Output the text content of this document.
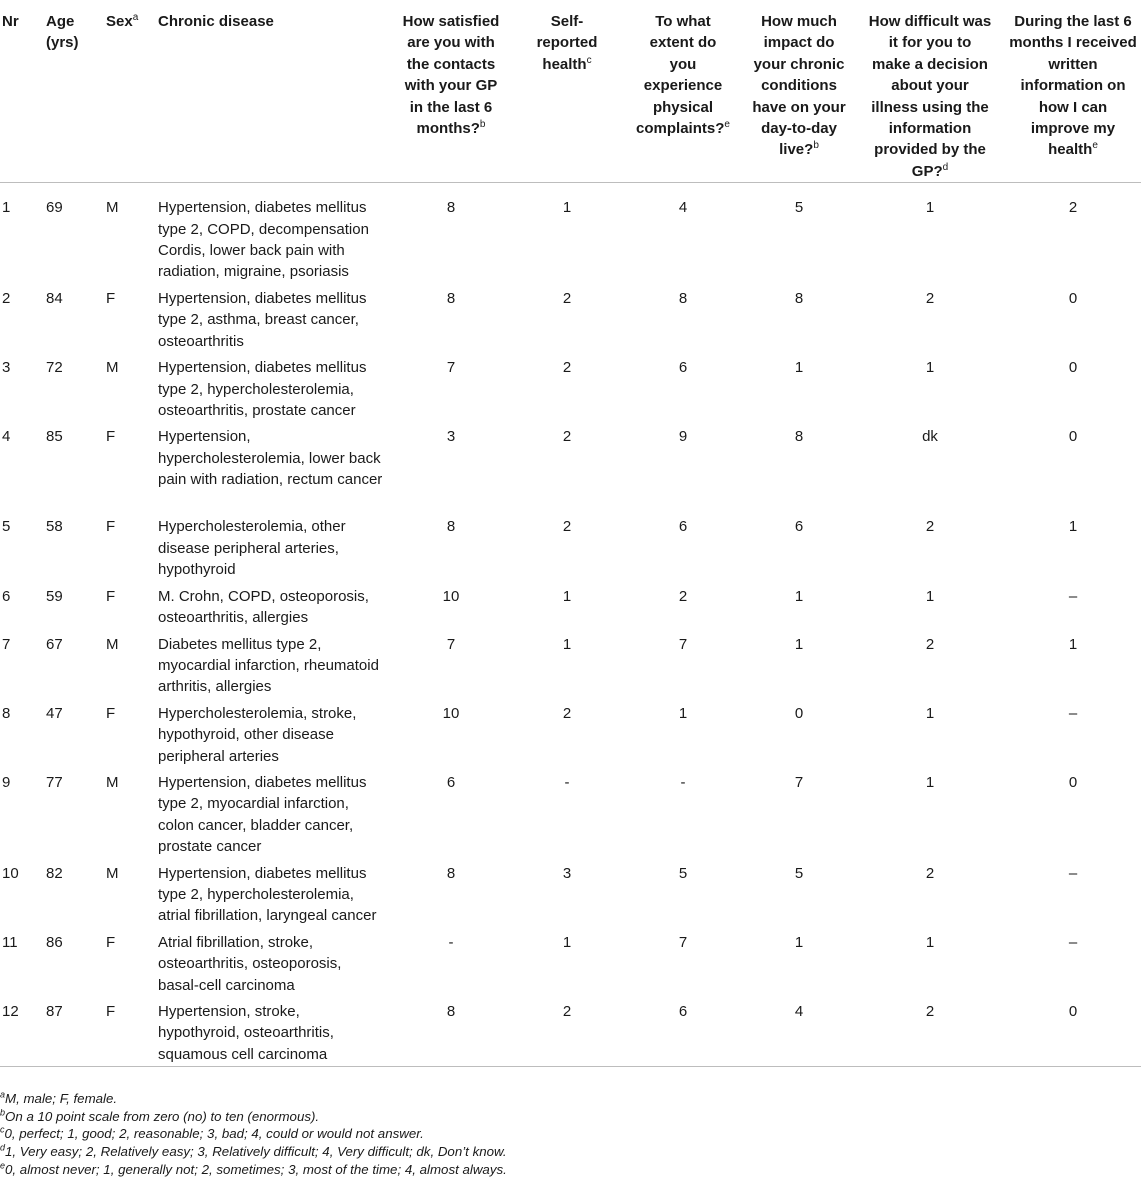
Nr	Age (yrs)	Sex$^a$	Chronic disease	How satisfied are you with the contacts with your GP in the last 6 months?$^b$	Self-reported health$^c$	To what extent do you experience physical complaints?$^e$	How much impact do your chronic conditions have on your day-to-day live?$^b$	How difficult was it for you to make a decision about your illness using the information provided by the GP?$^d$	During the last 6 months I received written information on how I can improve my health$^e$

1	69	M	Hypertension, diabetes mellitus type 2, COPD, decompensation Cordis, lower back pain with radiation, migraine, psoriasis	8	1	4	5	1	2
2	84	F	Hypertension, diabetes mellitus type 2, asthma, breast cancer, osteoarthritis	8	2	8	8	2	0
3	72	M	Hypertension, diabetes mellitus type 2, hypercholesterolemia, osteoarthritis, prostate cancer	7	2	6	1	1	0
4	85	F	Hypertension, hypercholesterolemia, lower back pain with radiation, rectum cancer	3	2	9	8	dk	0
5	58	F	Hypercholesterolemia, other disease peripheral arteries, hypothyroid	8	2	6	6	2	1
6	59	F	M. Crohn, COPD, osteoporosis, osteoarthritis, allergies	10	1	2	1	1	–
7	67	M	Diabetes mellitus type 2, myocardial infarction, rheumatoid arthritis, allergies	7	1	7	1	2	1
8	47	F	Hypercholesterolemia, stroke, hypothyroid, other disease peripheral arteries	10	2	1	0	1	–
9	77	M	Hypertension, diabetes mellitus type 2, myocardial infarction, colon cancer, bladder cancer, prostate cancer	6	-	-	7	1	0
10	82	M	Hypertension, diabetes mellitus type 2, hypercholesterolemia, atrial fibrillation, laryngeal cancer	8	3	5	5	2	–
11	86	F	Atrial fibrillation, stroke, osteoarthritis, osteoporosis, basal-cell carcinoma	-	1	7	1	1	–
12	87	F	Hypertension, stroke, hypothyroid, osteoarthritis, squamous cell carcinoma	8	2	6	4	2	0
$^a$M, male; F, female.
$^b$On a 10 point scale from zero (no) to ten (enormous).
$^c$0, perfect; 1, good; 2, reasonable; 3, bad; 4, could or would not answer.
$^d$1, Very easy; 2, Relatively easy; 3, Relatively difficult; 4, Very difficult; dk, Don’t know.
$^e$0, almost never; 1, generally not; 2, sometimes; 3, most of the time; 4, almost always.
